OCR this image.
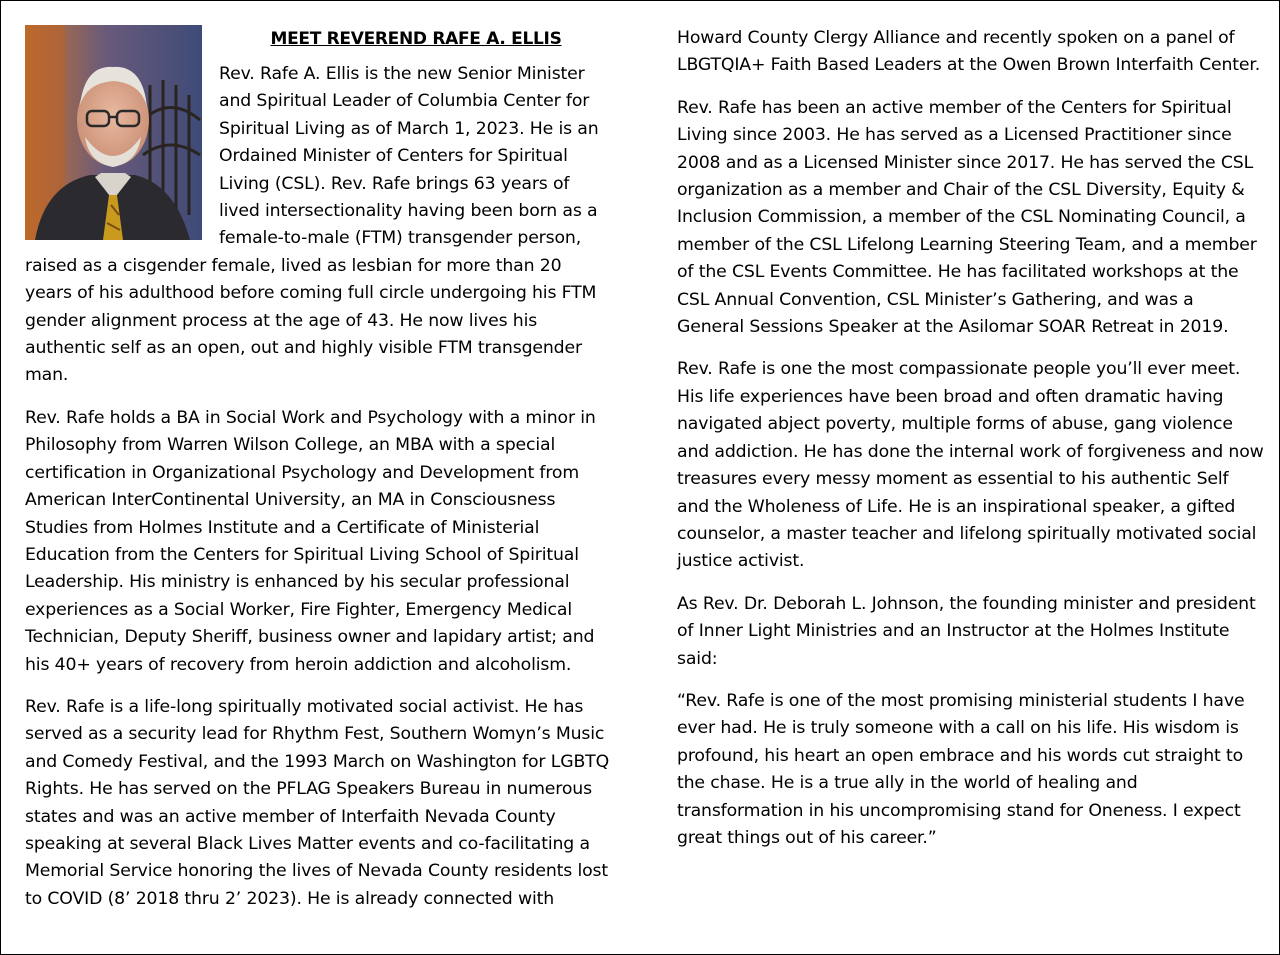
MEET REVEREND RAFE A. ELLIS

Rev. Rafe A. Ellis is the new Senior Minister and Spiritual Leader of Columbia Center for Spiritual Living as of March 1, 2023. He is an Ordained Minister of Centers for Spiritual Living (CSL). Rev. Rafe brings 63 years of lived intersectionality having been born as a female-to-male (FTM) transgender person, raised as a cisgender female, lived as lesbian for more than 20 years of his adulthood before coming full circle undergoing his FTM gender alignment process at the age of 43. He now lives his authentic self as an open, out and highly visible FTM transgender man.

Rev. Rafe holds a BA in Social Work and Psychology with a minor in Philosophy from Warren Wilson College, an MBA with a special certification in Organizational Psychology and Development from American InterContinental University, an MA in Consciousness Studies from Holmes Institute and a Certificate of Ministerial Education from the Centers for Spiritual Living School of Spiritual Leadership. His ministry is enhanced by his secular professional experiences as a Social Worker, Fire Fighter, Emergency Medical Technician, Deputy Sheriff, business owner and lapidary artist; and his 40+ years of recovery from heroin addiction and alcoholism.

Rev. Rafe is a life-long spiritually motivated social activist. He has served as a security lead for Rhythm Fest, Southern Womyn’s Music and Comedy Festival, and the 1993 March on Washington for LGBTQ Rights. He has served on the PFLAG Speakers Bureau in numerous states and was an active member of Interfaith Nevada County speaking at several Black Lives Matter events and co-facilitating a Memorial Service honoring the lives of Nevada County residents lost to COVID (8’ 2018 thru 2’ 2023). He is already connected with

Howard County Clergy Alliance and recently spoken on a panel of LBGTQIA+ Faith Based Leaders at the Owen Brown Interfaith Center.

Rev. Rafe has been an active member of the Centers for Spiritual Living since 2003. He has served as a Licensed Practitioner since 2008 and as a Licensed Minister since 2017. He has served the CSL organization as a member and Chair of the CSL Diversity, Equity & Inclusion Commission, a member of the CSL Nominating Council, a member of the CSL Lifelong Learning Steering Team, and a member of the CSL Events Committee. He has facilitated workshops at the CSL Annual Convention, CSL Minister’s Gathering, and was a General Sessions Speaker at the Asilomar SOAR Retreat in 2019.

Rev. Rafe is one the most compassionate people you’ll ever meet. His life experiences have been broad and often dramatic having navigated abject poverty, multiple forms of abuse, gang violence and addiction. He has done the internal work of forgiveness and now treasures every messy moment as essential to his authentic Self and the Wholeness of Life. He is an inspirational speaker, a gifted counselor, a master teacher and lifelong spiritually motivated social justice activist.

As Rev. Dr. Deborah L. Johnson, the founding minister and president of Inner Light Ministries and an Instructor at the Holmes Institute said:

“Rev. Rafe is one of the most promising ministerial students I have ever had. He is truly someone with a call on his life. His wisdom is profound, his heart an open embrace and his words cut straight to the chase. He is a true ally in the world of healing and transformation in his uncompromising stand for Oneness. I expect great things out of his career.”
